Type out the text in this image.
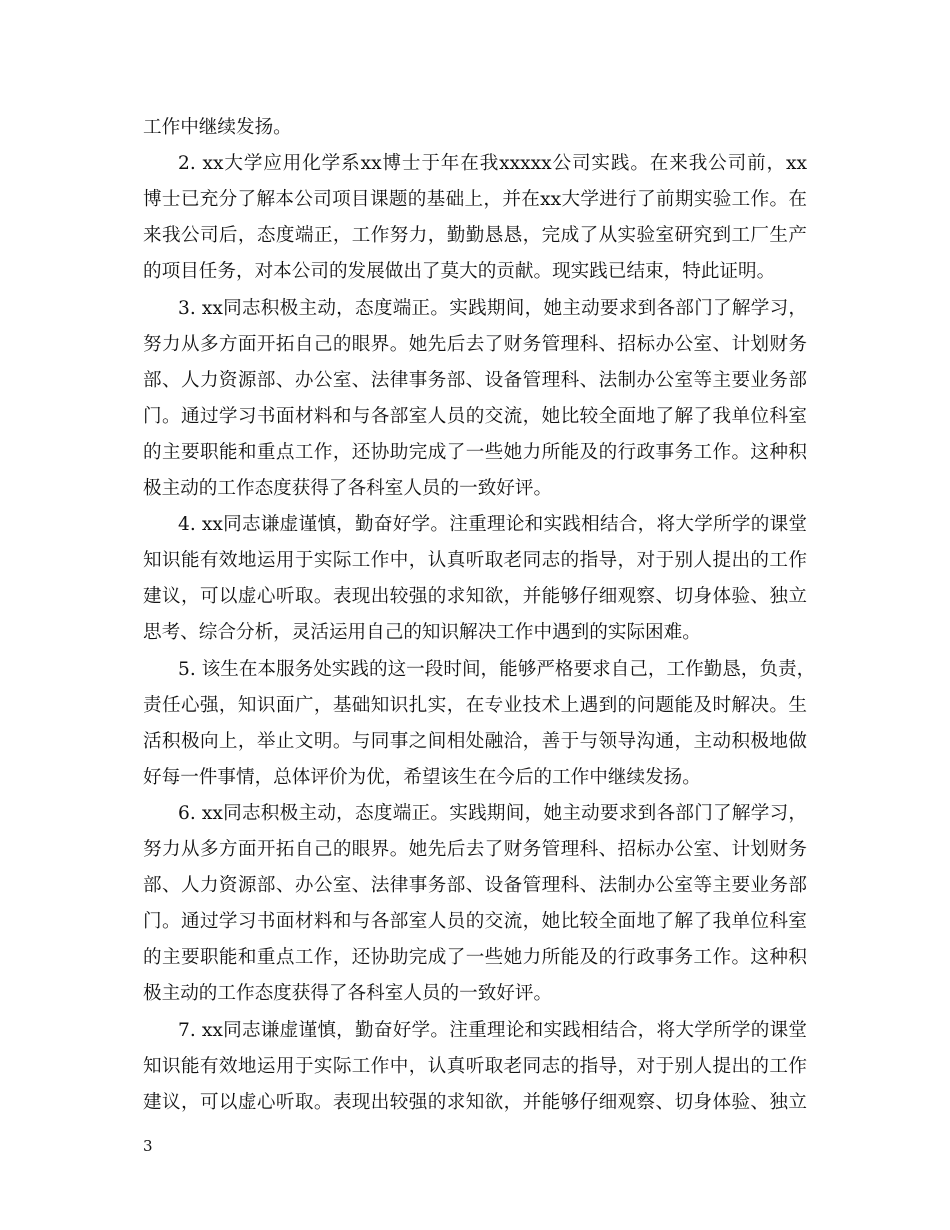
工作中继续发扬。
2. xx大学应用化学系xx博士于年在我xxxxx公司实践。在来我公司前，xx
博士已充分了解本公司项目课题的基础上，并在xx大学进行了前期实验工作。在
来我公司后，态度端正，工作努力，勤勤恳恳，完成了从实验室研究到工厂生产
的项目任务，对本公司的发展做出了莫大的贡献。现实践已结束，特此证明。
3. xx同志积极主动，态度端正。实践期间，她主动要求到各部门了解学习，
努力从多方面开拓自己的眼界。她先后去了财务管理科、招标办公室、计划财务
部、人力资源部、办公室、法律事务部、设备管理科、法制办公室等主要业务部
门。通过学习书面材料和与各部室人员的交流，她比较全面地了解了我单位科室
的主要职能和重点工作，还协助完成了一些她力所能及的行政事务工作。这种积
极主动的工作态度获得了各科室人员的一致好评。
4. xx同志谦虚谨慎，勤奋好学。注重理论和实践相结合，将大学所学的课堂
知识能有效地运用于实际工作中，认真听取老同志的指导，对于别人提出的工作
建议，可以虚心听取。表现出较强的求知欲，并能够仔细观察、切身体验、独立
思考、综合分析，灵活运用自己的知识解决工作中遇到的实际困难。
5. 该生在本服务处实践的这一段时间，能够严格要求自己，工作勤恳，负责，
责任心强，知识面广，基础知识扎实，在专业技术上遇到的问题能及时解决。生
活积极向上，举止文明。与同事之间相处融洽，善于与领导沟通，主动积极地做
好每一件事情，总体评价为优，希望该生在今后的工作中继续发扬。
6. xx同志积极主动，态度端正。实践期间，她主动要求到各部门了解学习，
努力从多方面开拓自己的眼界。她先后去了财务管理科、招标办公室、计划财务
部、人力资源部、办公室、法律事务部、设备管理科、法制办公室等主要业务部
门。通过学习书面材料和与各部室人员的交流，她比较全面地了解了我单位科室
的主要职能和重点工作，还协助完成了一些她力所能及的行政事务工作。这种积
极主动的工作态度获得了各科室人员的一致好评。
7. xx同志谦虚谨慎，勤奋好学。注重理论和实践相结合，将大学所学的课堂
知识能有效地运用于实际工作中，认真听取老同志的指导，对于别人提出的工作
建议，可以虚心听取。表现出较强的求知欲，并能够仔细观察、切身体验、独立
3
